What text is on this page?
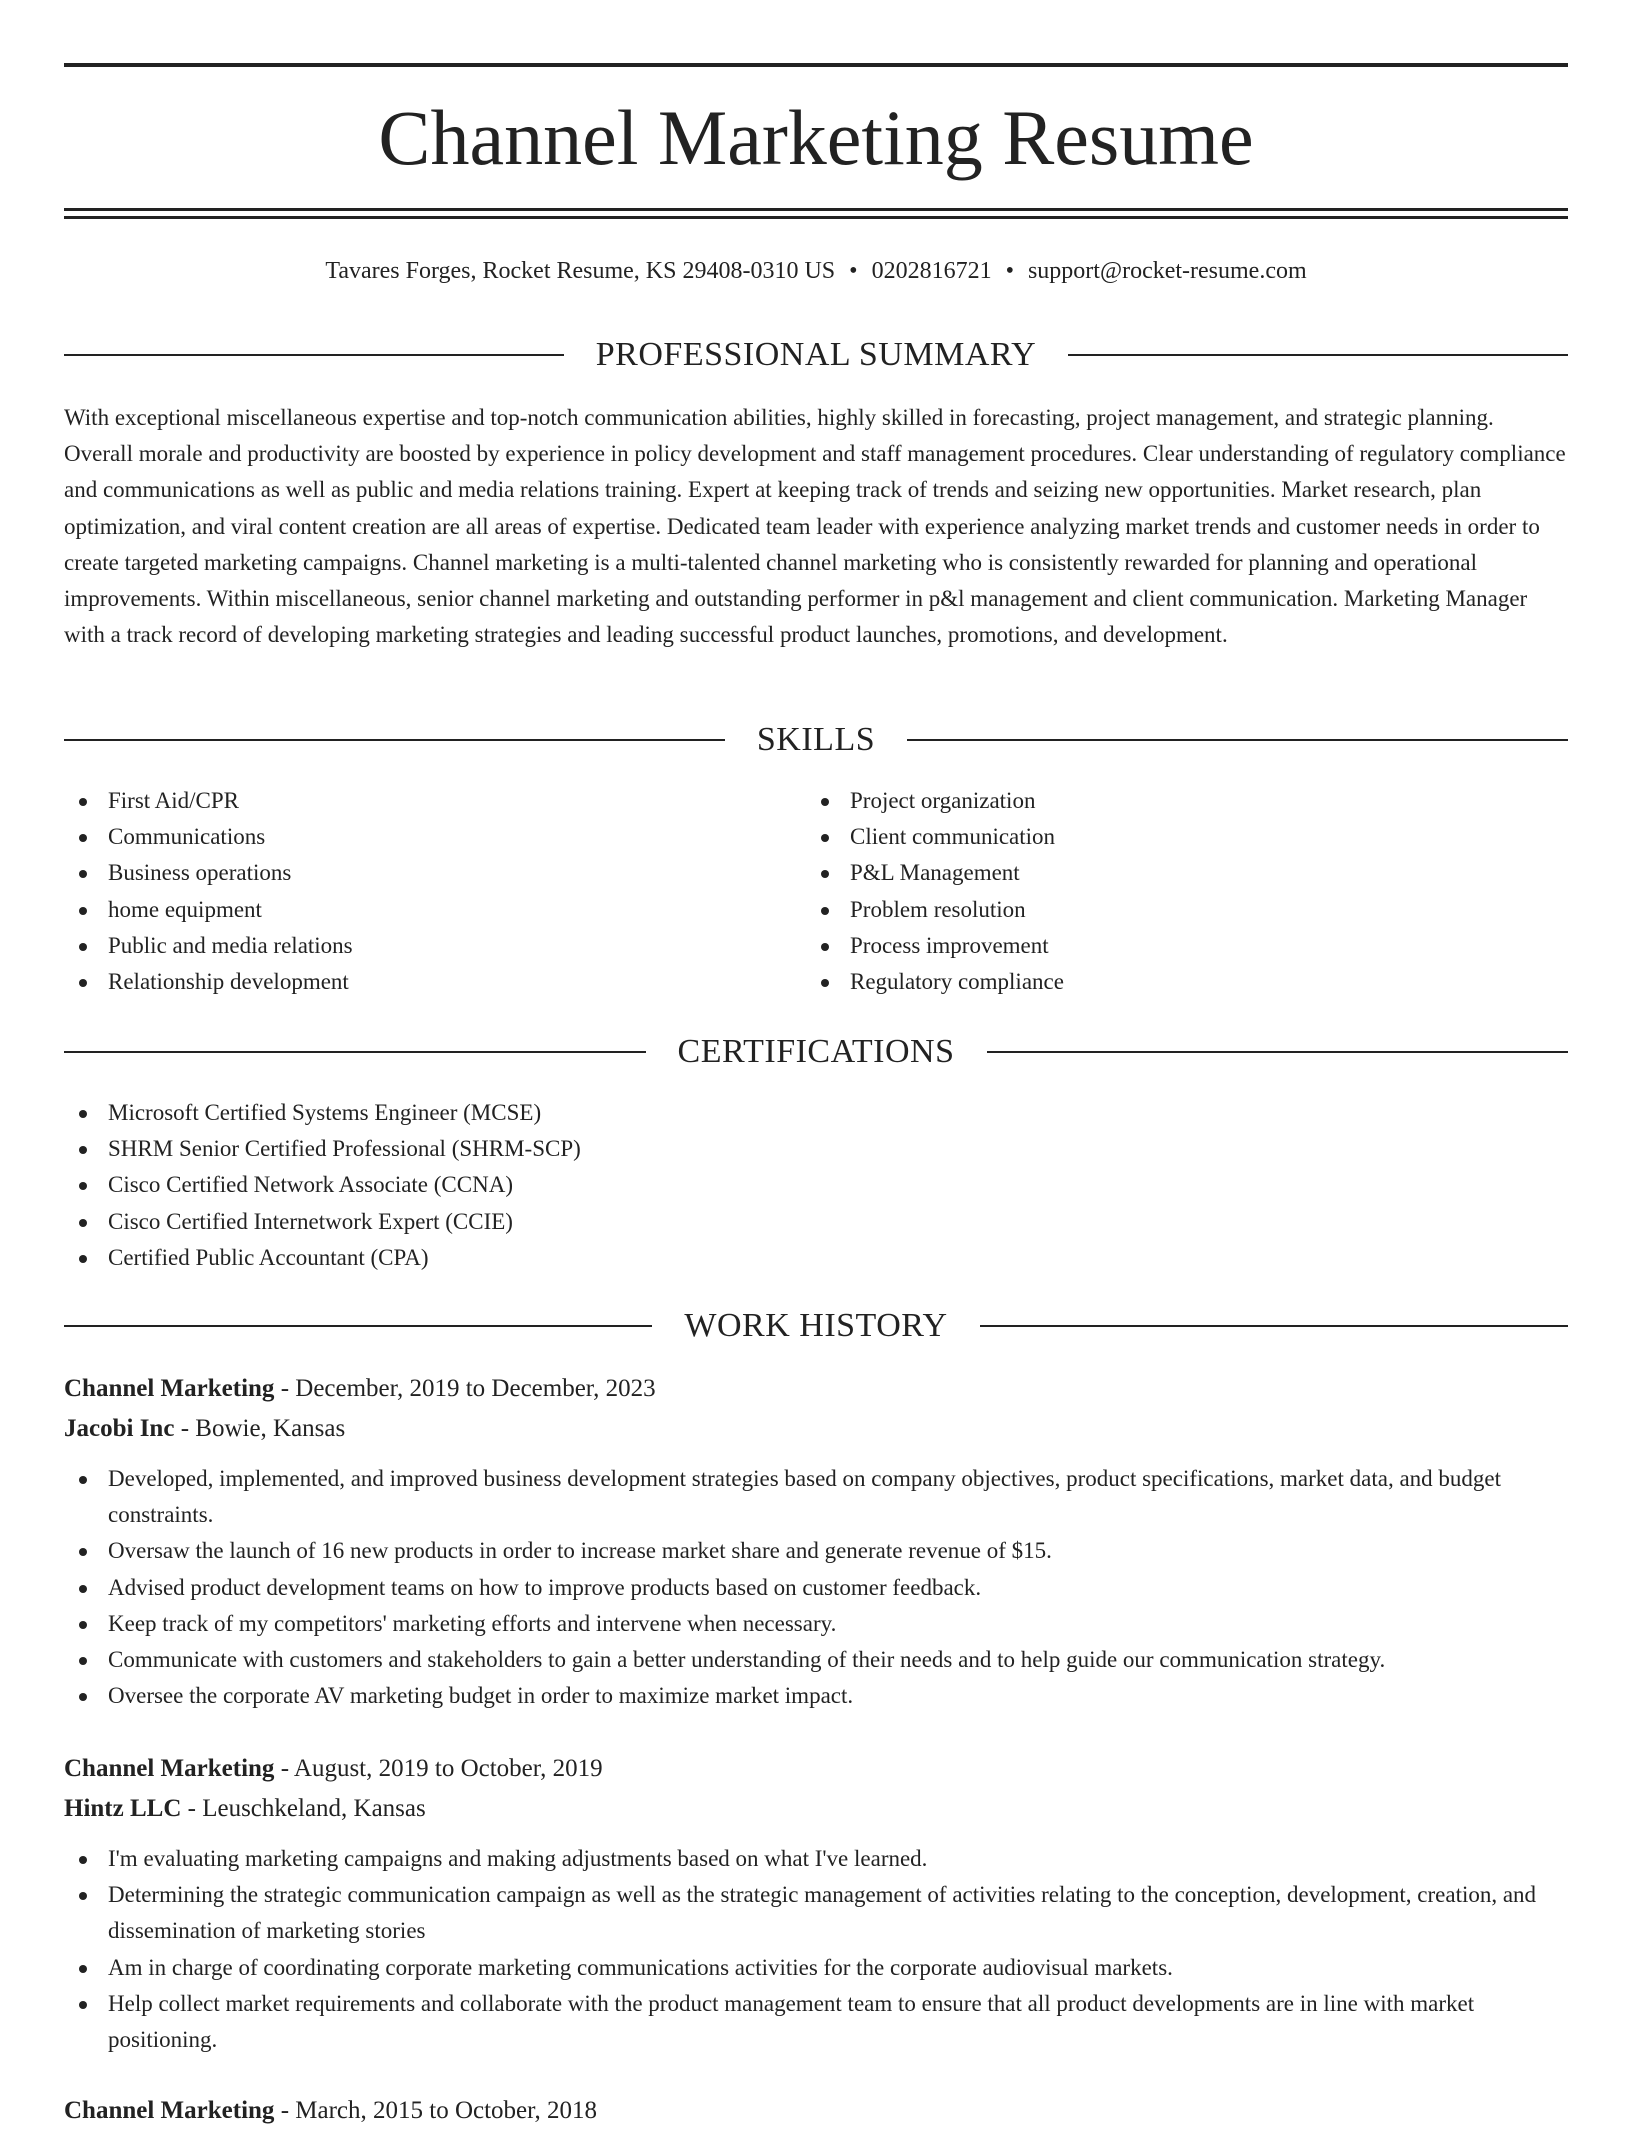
Channel Marketing Resume
Tavares Forges, Rocket Resume, KS 29408-0310 US • 0202816721 • support@rocket-resume.com
PROFESSIONAL SUMMARY

With exceptional miscellaneous expertise and top-notch communication abilities, highly skilled in forecasting, project management, and strategic planning. Overall morale and productivity are boosted by experience in policy development and staff management procedures. Clear understanding of regulatory compliance and communications as well as public and media relations training. Expert at keeping track of trends and seizing new opportunities. Market research, plan optimization, and viral content creation are all areas of expertise. Dedicated team leader with experience analyzing market trends and customer needs in order to create targeted marketing campaigns. Channel marketing is a multi-talented channel marketing who is consistently rewarded for planning and operational improvements. Within miscellaneous, senior channel marketing and outstanding performer in p&l management and client communication. Marketing Manager with a track record of developing marketing strategies and leading successful product launches, promotions, and development.

SKILLS
First Aid/CPR
Communications
Business operations
home equipment
Public and media relations
Relationship development
Project organization
Client communication
P&L Management
Problem resolution
Process improvement
Regulatory compliance
CERTIFICATIONS
Microsoft Certified Systems Engineer (MCSE)
SHRM Senior Certified Professional (SHRM-SCP)
Cisco Certified Network Associate (CCNA)
Cisco Certified Internetwork Expert (CCIE)
Certified Public Accountant (CPA)
WORK HISTORY
Channel Marketing - December, 2019 to December, 2023
Jacobi Inc - Bowie, Kansas
Developed, implemented, and improved business development strategies based on company objectives, product specifications, market data, and budget constraints.
Oversaw the launch of 16 new products in order to increase market share and generate revenue of $15.
Advised product development teams on how to improve products based on customer feedback.
Keep track of my competitors' marketing efforts and intervene when necessary.
Communicate with customers and stakeholders to gain a better understanding of their needs and to help guide our communication strategy.
Oversee the corporate AV marketing budget in order to maximize market impact.
Channel Marketing - August, 2019 to October, 2019
Hintz LLC - Leuschkeland, Kansas
I'm evaluating marketing campaigns and making adjustments based on what I've learned.
Determining the strategic communication campaign as well as the strategic management of activities relating to the conception, development, creation, and dissemination of marketing stories
Am in charge of coordinating corporate marketing communications activities for the corporate audiovisual markets.
Help collect market requirements and collaborate with the product management team to ensure that all product developments are in line with market positioning.
Channel Marketing - March, 2015 to October, 2018
